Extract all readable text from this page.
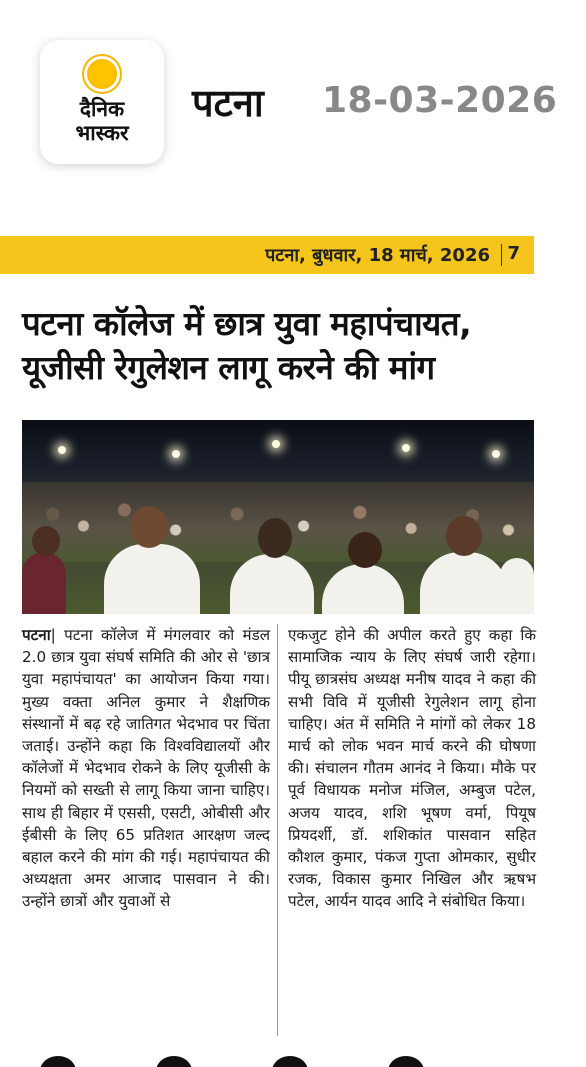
दैनिक
भास्कर
पटना 18-03-2026
पटना, बुधवार, 18 मार्च, 2026 7
पटना कॉलेज में छात्र युवा महापंचायत,
यूजीसी रेगुलेशन लागू करने की मांग

पटना| पटना कॉलेज में मंगलवार को मंडल 2.0 छात्र युवा संघर्ष समिति की ओर से 'छात्र युवा महापंचायत' का आयोजन किया गया। मुख्य वक्ता अनिल कुमार ने शैक्षणिक संस्थानों में बढ़ रहे जातिगत भेदभाव पर चिंता जताई। उन्होंने कहा कि विश्वविद्यालयों और कॉलेजों में भेदभाव रोकने के लिए यूजीसी के नियमों को सख्ती से लागू किया जाना चाहिए। साथ ही बिहार में एससी, एसटी, ओबीसी और ईबीसी के लिए 65 प्रतिशत आरक्षण जल्द बहाल करने की मांग की गई। महापंचायत की अध्यक्षता अमर आजाद पासवान ने की। उन्होंने छात्रों और युवाओं से

एकजुट होने की अपील करते हुए कहा कि सामाजिक न्याय के लिए संघर्ष जारी रहेगा। पीयू छात्रसंघ अध्यक्ष मनीष यादव ने कहा की सभी विवि में यूजीसी रेगुलेशन लागू होना चाहिए। अंत में समिति ने मांगों को लेकर 18 मार्च को लोक भवन मार्च करने की घोषणा की। संचालन गौतम आनंद ने किया। मौके पर पूर्व विधायक मनोज मंजिल, अम्बुज पटेल, अजय यादव, शशि भूषण वर्मा, पियूष प्रियदर्शी, डॉ. शशिकांत पासवान सहित कौशल कुमार, पंकज गुप्ता ओमकार, सुधीर रजक, विकास कुमार निखिल और ऋषभ पटेल, आर्यन यादव आदि ने संबोधित किया।
